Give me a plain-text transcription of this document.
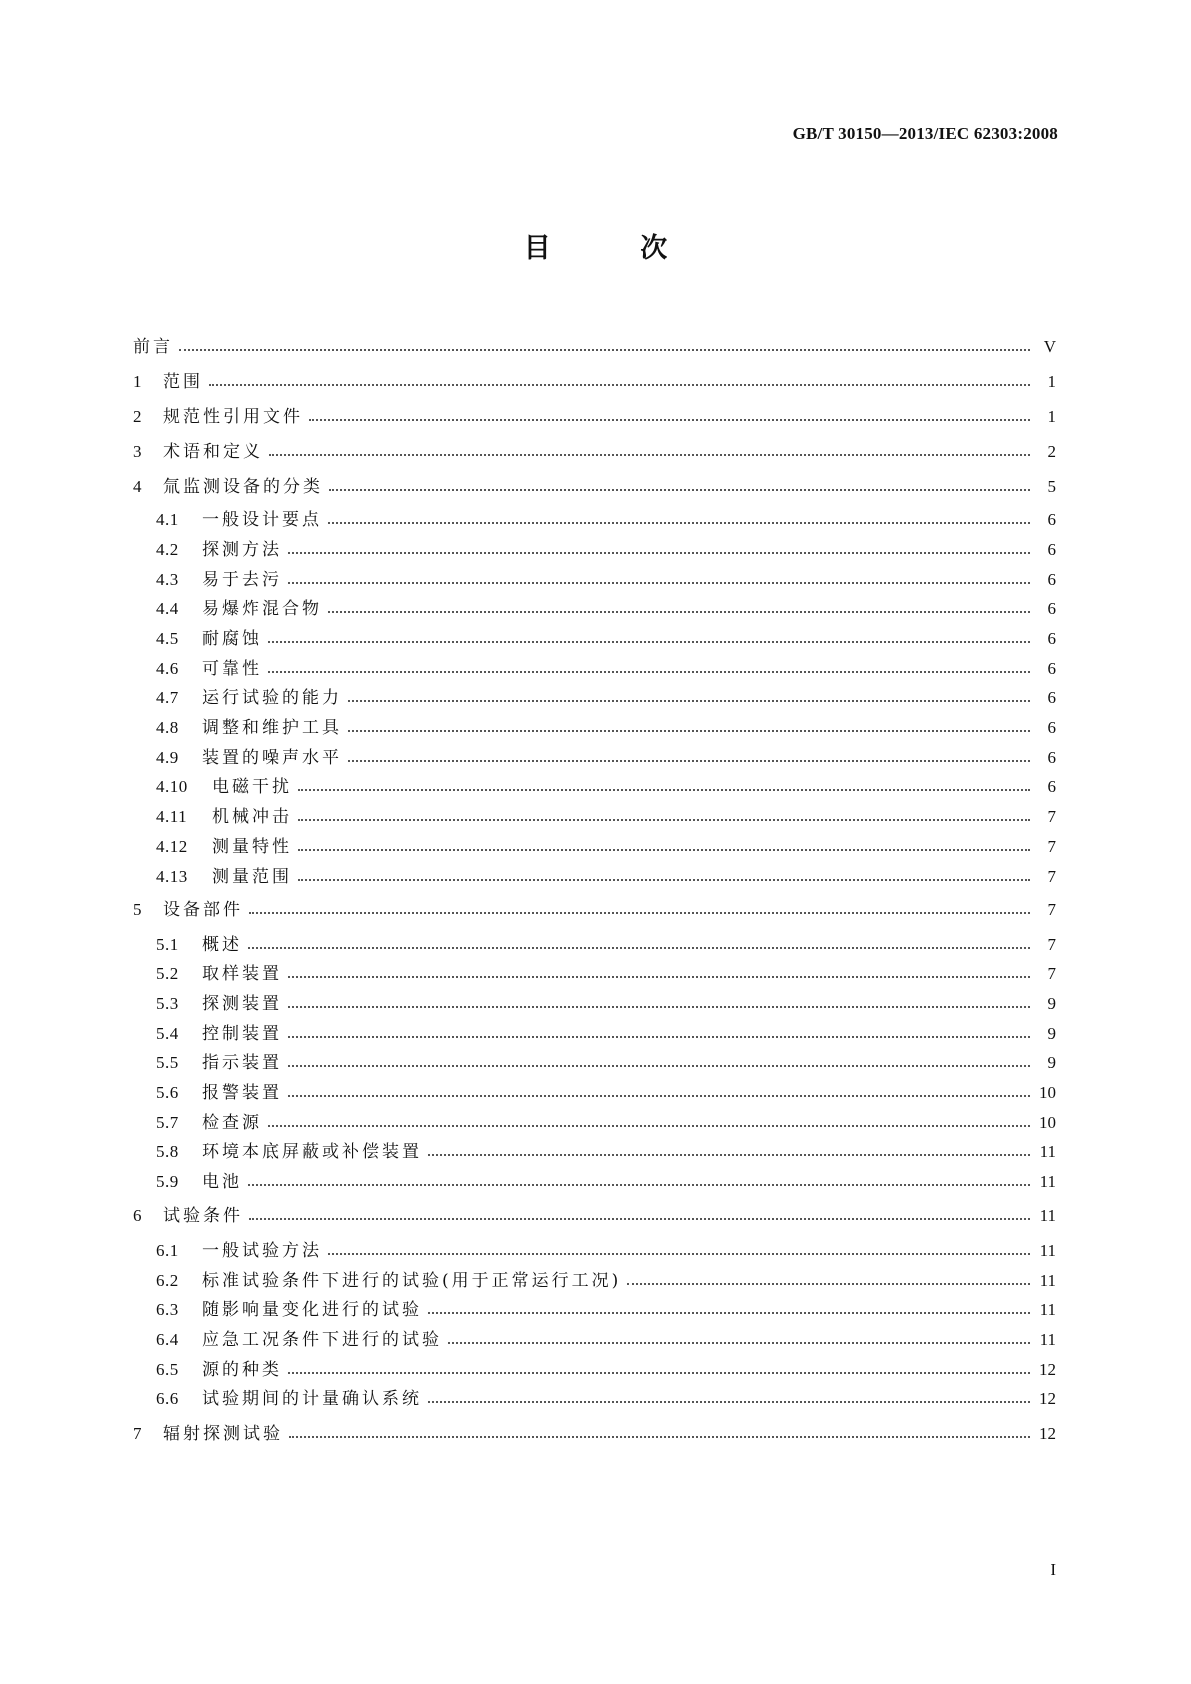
GB/T 30150—2013/IEC 62303:2008
目 次
前言	V
1	范围	1
2	规范性引用文件	1
3	术语和定义	2
4	氚监测设备的分类	5
4.1	一般设计要点	6
4.2	探测方法	6
4.3	易于去污	6
4.4	易爆炸混合物	6
4.5	耐腐蚀	6
4.6	可靠性	6
4.7	运行试验的能力	6
4.8	调整和维护工具	6
4.9	装置的噪声水平	6
4.10	电磁干扰	6
4.11	机械冲击	7
4.12	测量特性	7
4.13	测量范围	7
5	设备部件	7
5.1	概述	7
5.2	取样装置	7
5.3	探测装置	9
5.4	控制装置	9
5.5	指示装置	9
5.6	报警装置	10
5.7	检查源	10
5.8	环境本底屏蔽或补偿装置	11
5.9	电池	11
6	试验条件	11
6.1	一般试验方法	11
6.2	标准试验条件下进行的试验(用于正常运行工况)	11
6.3	随影响量变化进行的试验	11
6.4	应急工况条件下进行的试验	11
6.5	源的种类	12
6.6	试验期间的计量确认系统	12
7	辐射探测试验	12
I
